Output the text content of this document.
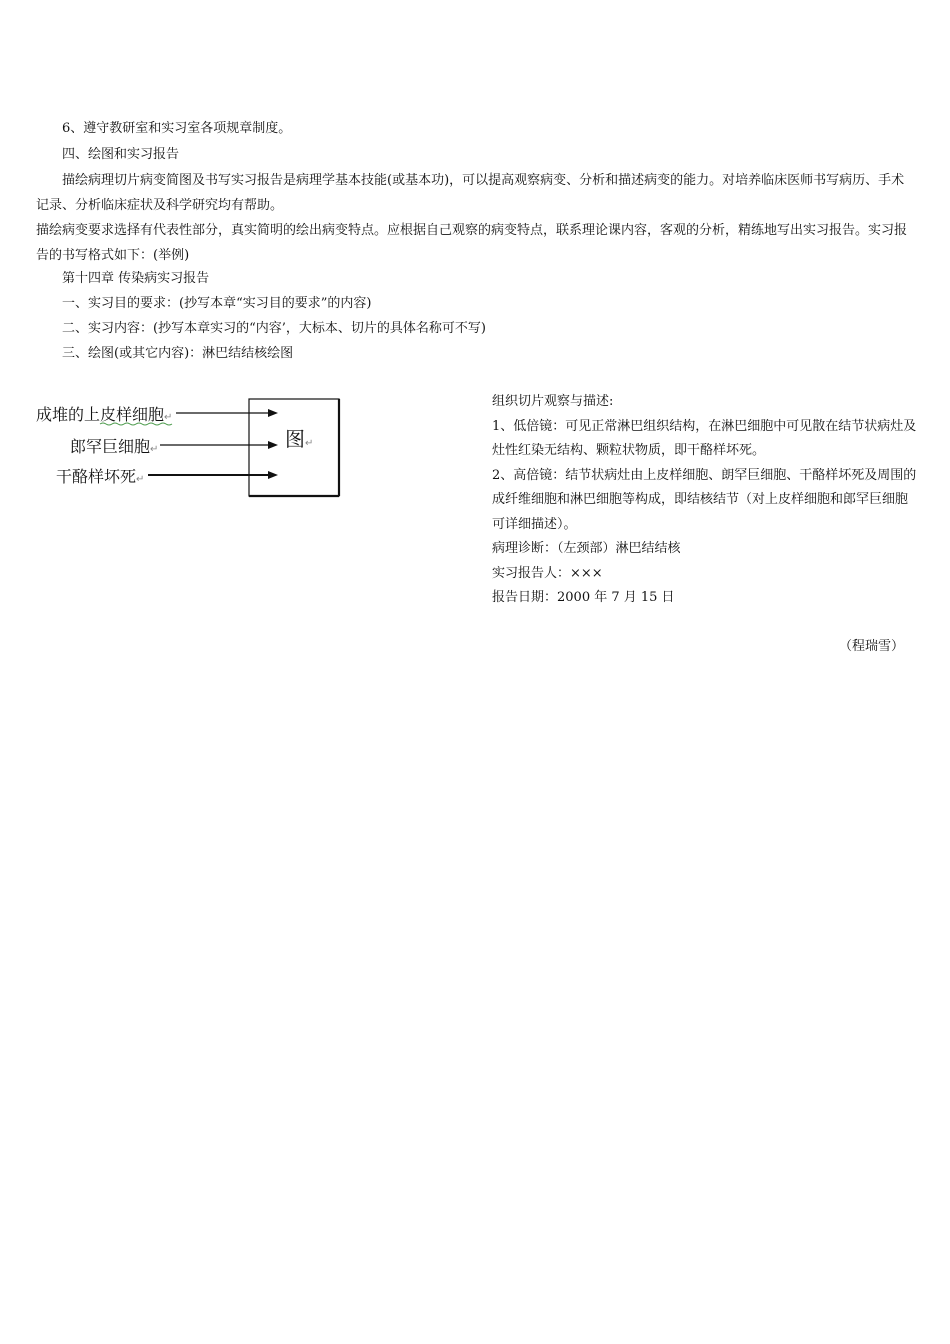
6、遵守教研室和实习室各项规章制度。
四、绘图和实习报告
描绘病理切片病变简图及书写实习报告是病理学基本技能(或基本功)，可以提高观察病变、分析和描述病变的能力。对培养临床医师书写病历、手术记录、分析临床症状及科学研究均有帮助。
描绘病变要求选择有代表性部分，真实简明的绘出病变特点。应根据自己观察的病变特点，联系理论课内容，客观的分析，精练地写出实习报告。实习报告的书写格式如下：(举例)
第十四章 传染病实习报告
一、实习目的要求：(抄写本章“实习目的要求”的内容)
二、实习内容：(抄写本章实习的“内容’，大标本、切片的具体名称可不写)
三、绘图(或其它内容)：淋巴结结核绘图
成堆的上皮样细胞↵
郎罕巨细胞↵
干酪样坏死↵
图↵

组织切片观察与描述:

1、低倍镜：可见正常淋巴组织结构，在淋巴细胞中可见散在结节状病灶及灶性红染无结构、颗粒状物质，即干酪样坏死。

2、高倍镜：结节状病灶由上皮样细胞、朗罕巨细胞、干酪样坏死及周围的成纤维细胞和淋巴细胞等构成，即结核结节（对上皮样细胞和郎罕巨细胞可详细描述）。

病理诊断：（左颈部）淋巴结结核

实习报告人：×××

报告日期：2000 年 7 月 15 日

（程瑞雪）
